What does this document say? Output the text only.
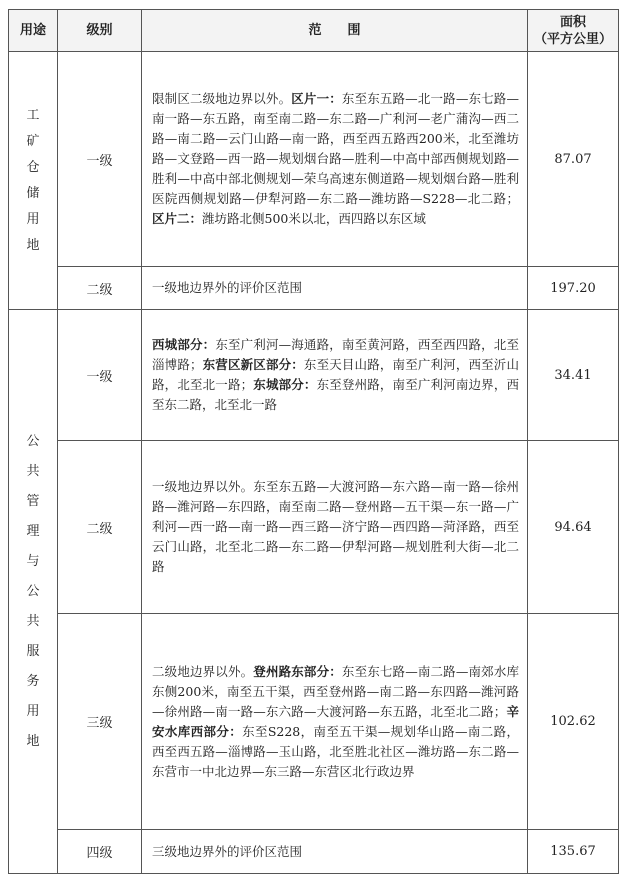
用途	级别	范　　围	面积
（平方公里）
工矿仓储用地	一级	限制区二级地边界以外。区片一：东至东五路—北一路—东七路—南一路—东五路，南至南二路—东二路—广利河—老广蒲沟—西二路—南二路—云门山路—南一路，西至西五路西200米，北至潍坊路—文登路—西一路—规划烟台路—胜利—中高中部西侧规划路—胜利—中高中部北侧规划—荣乌高速东侧道路—规划烟台路—胜利医院西侧规划路—伊犁河路—东二路—潍坊路—S228—北二路；区片二：潍坊路北侧500米以北，西四路以东区域	87.07
	二级	一级地边界外的评价区范围	197.20
公共管理与公共服务用地	一级	西城部分：东至广利河—海通路，南至黄河路，西至西四路，北至淄博路；东营区新区部分：东至天目山路，南至广利河，西至沂山路，北至北一路；东城部分：东至登州路，南至广利河南边界，西至东二路，北至北一路	34.41
	二级	一级地边界以外。东至东五路—大渡河路—东六路—南一路—徐州路—潍河路—东四路，南至南二路—登州路—五干渠—东一路—广利河—西一路—南一路—西三路—济宁路—西四路—菏泽路，西至云门山路，北至北二路—东二路—伊犁河路—规划胜利大街—北二路	94.64
	三级	二级地边界以外。登州路东部分：东至东七路—南二路—南郊水库东侧200米，南至五干渠，西至登州路—南二路—东四路—潍河路—徐州路—南一路—东六路—大渡河路—东五路，北至北二路；辛安水库西部分：东至S228，南至五干渠—规划华山路—南二路，西至西五路—淄博路—玉山路，北至胜北社区—潍坊路—东二路—东营市一中北边界—东三路—东营区北行政边界	102.62
	四级	三级地边界外的评价区范围	135.67
